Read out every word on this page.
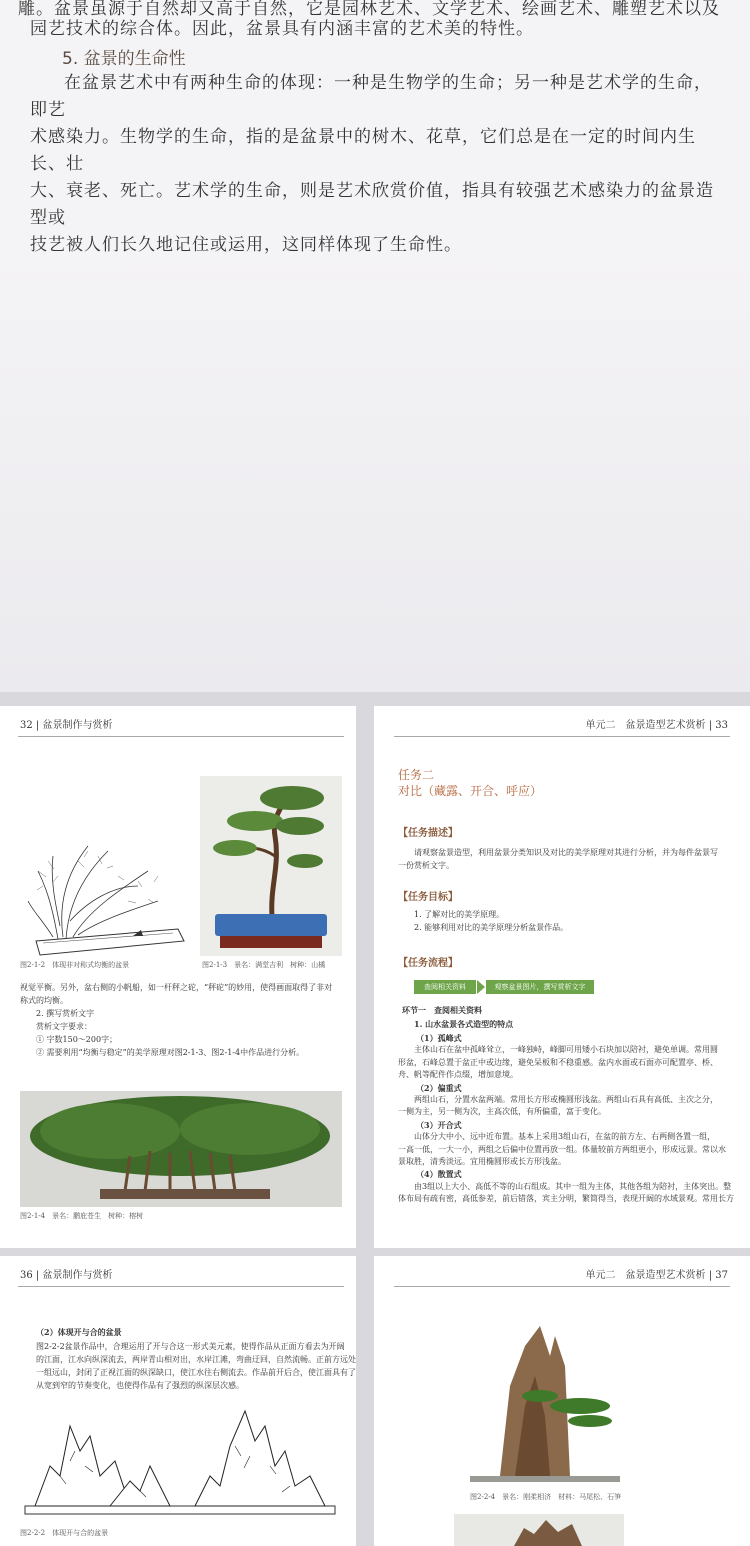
雕。盆景虽源于自然却又高于自然，它是园林艺术、文学艺术、绘画艺术、雕塑艺术以及
园艺技术的综合体。因此，盆景具有内涵丰富的艺术美的特性。
5. 盆景的生命性
在盆景艺术中有两种生命的体现：一种是生物学的生命；另一种是艺术学的生命，即艺
术感染力。生物学的生命，指的是盆景中的树木、花草，它们总是在一定的时间内生长、壮
大、衰老、死亡。艺术学的生命，则是艺术欣赏价值，指具有较强艺术感染力的盆景造型或
技艺被人们长久地记住或运用，这同样体现了生命性。
32 | 盆景制作与赏析
图2-1-2　体现非对称式均衡的盆景	图2-1-3　景名：满堂吉利　树种：山橘
视觉平衡。另外，盆右侧的小帆船，如一杆秤之砣，“秤砣”的妙用，使得画面取得了非对
称式的均衡。
2. 撰写赏析文字
赏析文字要求：
① 字数150～200字；
② 需要利用“均衡与稳定”的美学原理对图2-1-3、图2-1-4中作品进行分析。
图2-1-4　景名：鹏庇苍生　树种：榕树
单元二　盆景造型艺术赏析 | 33
任务二
对比（藏露、开合、呼应）
【任务描述】
请观察盆景造型，利用盆景分类知识及对比的美学原理对其进行分析，并为每件盆景写
一份赏析文字。
【任务目标】
1. 了解对比的美学原理。
2. 能够利用对比的美学原理分析盆景作品。
【任务流程】
查阅相关资料	观察盆景图片，撰写赏析文字
环节一　查阅相关资料
1. 山水盆景各式造型的特点
（1）孤峰式
主体山石在盆中孤峰耸立，一峰独峙，峰脚可用矮小石块加以陪衬，避免单调。常用圆
形盆，石峰总置于盆正中或边缘，避免呆板和不稳重感。盆内水面或石面亦可配置亭、桥、
舟、帆等配件作点缀，增加意境。
（2）偏重式
两组山石，分置水盆两端。常用长方形或椭圆形浅盆。两组山石具有高低、主次之分，
一侧为主，另一侧为次，主高次低，有所偏重，富于变化。
（3）开合式
山体分大中小、远中近布置。基本上采用3组山石，在盆的前方左、右两侧各置一组，
一高一低，一大一小，两组之后偏中位置再放一组。体量较前方两组更小，形成远景。常以水
景取胜，清秀淡远。宜用椭圆形或长方形浅盆。
（4）散置式
由3组以上大小、高低不等的山石组成。其中一组为主体，其他各组为陪衬，主体突出。整
体布局有疏有密，高低参差，前后错落，宾主分明，繁简得当，表现开阔的水域景观。常用长方
36 | 盆景制作与赏析
（2）体现开与合的盆景
图2-2-2盆景作品中，合理运用了开与合这一形式美元素，使得作品从正面方看去为开阔
的江面，江水向纵深流去，两岸青山相对出，水岸江滩，弯曲迂回，自然流畅。正前方远处
一组远山，封闭了正视江面的纵深缺口，使江水往右侧流去。作品前开后合，使江面具有了
从宽到窄的节奏变化，也使得作品有了强烈的纵深层次感。
图2-2-2　体现开与合的盆景
单元二　盆景造型艺术赏析 | 37
图2-2-4　景名：刚柔相济　材料：马尾松、石笋
